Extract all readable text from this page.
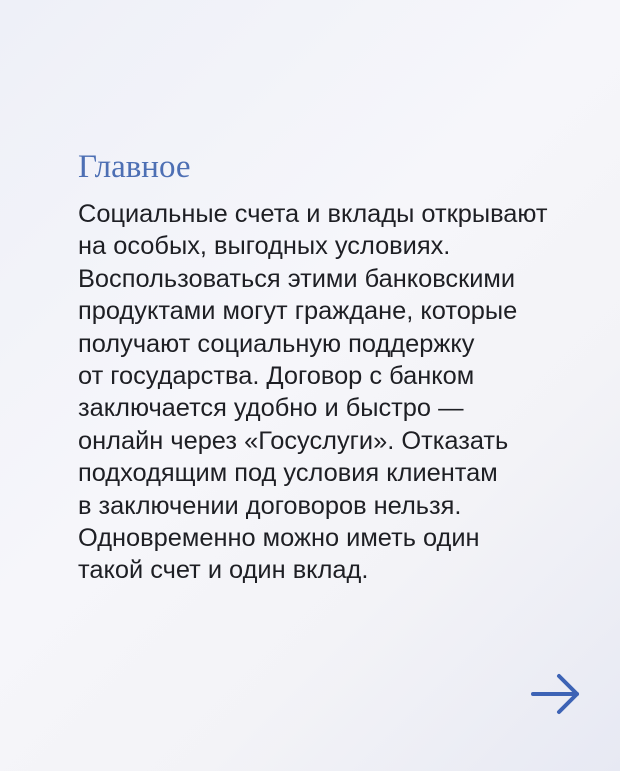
Главное

Социальные счета и вклады открывают
на особых, выгодных условиях.
Воспользоваться этими банковскими
продуктами могут граждане, которые
получают социальную поддержку
от государства. Договор с банком
заключается удобно и быстро —
онлайн через «Госуслуги». Отказать
подходящим под условия клиентам
в заключении договоров нельзя.
Одновременно можно иметь один
такой счет и один вклад.
